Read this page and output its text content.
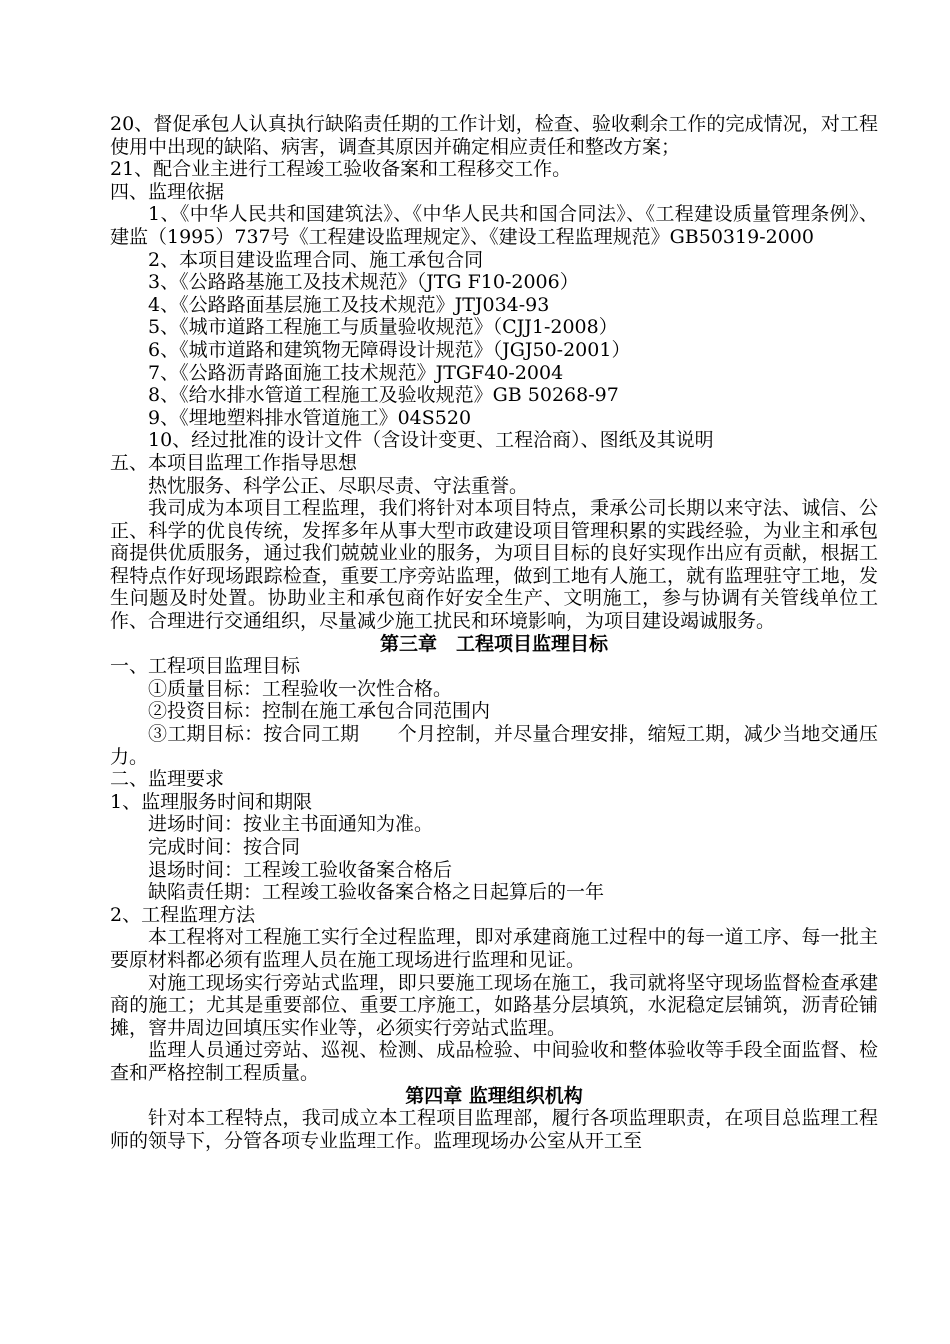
20、督促承包人认真执行缺陷责任期的工作计划，检查、验收剩余工作的完成情况，对工程使用中出现的缺陷、病害，调查其原因并确定相应责任和整改方案；

21、配合业主进行工程竣工验收备案和工程移交工作。

四、监理依据

1、《中华人民共和国建筑法》、《中华人民共和国合同法》、《工程建设质量管理条例》、建监（1995）737号《工程建设监理规定》、《建设工程监理规范》GB50319-2000

2、本项目建设监理合同、施工承包合同

3、《公路路基施工及技术规范》（JTG F10-2006）

4、《公路路面基层施工及技术规范》JTJ034-93

5、《城市道路工程施工与质量验收规范》（CJJ1-2008）

6、《城市道路和建筑物无障碍设计规范》（JGJ50-2001）

7、《公路沥青路面施工技术规范》JTGF40-2004

8、《给水排水管道工程施工及验收规范》GB 50268-97

9、《埋地塑料排水管道施工》04S520

10、经过批准的设计文件（含设计变更、工程洽商）、图纸及其说明

五、本项目监理工作指导思想

热忱服务、科学公正、尽职尽责、守法重誉。

我司成为本项目工程监理，我们将针对本项目特点，秉承公司长期以来守法、诚信、公正、科学的优良传统，发挥多年从事大型市政建设项目管理积累的实践经验，为业主和承包商提供优质服务，通过我们兢兢业业的服务，为项目目标的良好实现作出应有贡献，根据工程特点作好现场跟踪检查，重要工序旁站监理，做到工地有人施工，就有监理驻守工地，发生问题及时处置。协助业主和承包商作好安全生产、文明施工，参与协调有关管线单位工作、合理进行交通组织，尽量减少施工扰民和环境影响，为项目建设竭诚服务。

第三章　工程项目监理目标

一、工程项目监理目标

①质量目标：工程验收一次性合格。

②投资目标：控制在施工承包合同范围内

③工期目标：按合同工期　　个月控制，并尽量合理安排，缩短工期，减少当地交通压力。

二、监理要求

1、监理服务时间和期限

进场时间：按业主书面通知为准。

完成时间：按合同

退场时间：工程竣工验收备案合格后

缺陷责任期：工程竣工验收备案合格之日起算后的一年

2、工程监理方法

本工程将对工程施工实行全过程监理，即对承建商施工过程中的每一道工序、每一批主要原材料都必须有监理人员在施工现场进行监理和见证。

对施工现场实行旁站式监理，即只要施工现场在施工，我司就将坚守现场监督检查承建商的施工；尤其是重要部位、重要工序施工，如路基分层填筑，水泥稳定层铺筑，沥青砼铺摊，窨井周边回填压实作业等，必须实行旁站式监理。

监理人员通过旁站、巡视、检测、成品检验、中间验收和整体验收等手段全面监督、检查和严格控制工程质量。

第四章 监理组织机构

针对本工程特点，我司成立本工程项目监理部，履行各项监理职责，在项目总监理工程师的领导下，分管各项专业监理工作。监理现场办公室从开工至
